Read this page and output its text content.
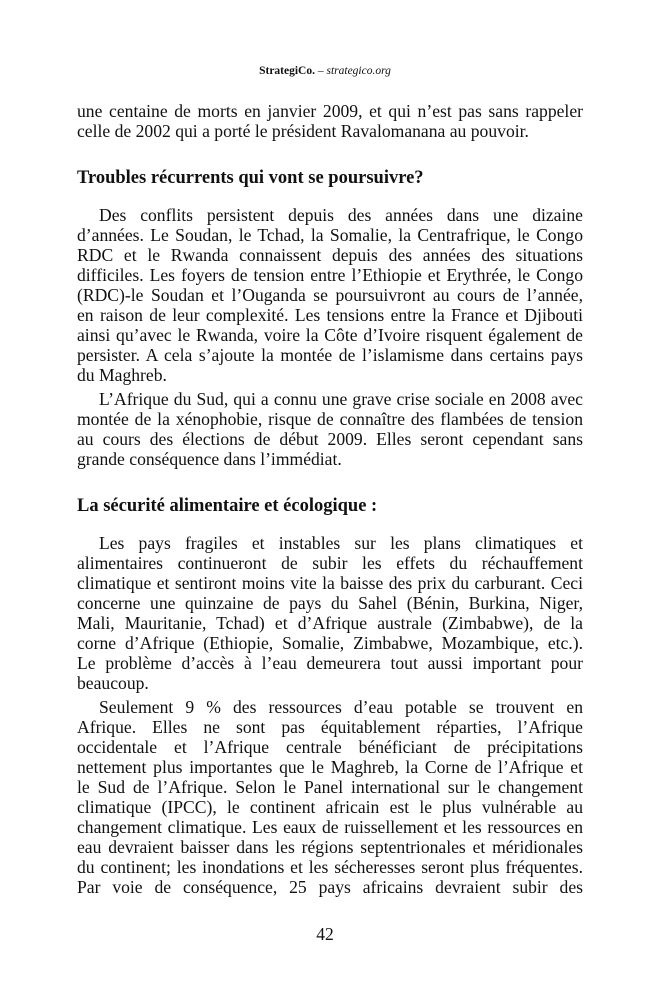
StrategiCo. – strategico.org
une centaine de morts en janvier 2009, et qui n’est pas sans rappeler
celle de 2002 qui a porté le président Ravalomanana au pouvoir.
Troubles récurrents qui vont se poursuivre?
Des conflits persistent depuis des années dans une dizaine
d’années. Le Soudan, le Tchad, la Somalie, la Centrafrique, le Congo
RDC et le Rwanda connaissent depuis des années des situations
difficiles. Les foyers de tension entre l’Ethiopie et Erythrée, le Congo
(RDC)-le Soudan et l’Ouganda se poursuivront au cours de l’année,
en raison de leur complexité. Les tensions entre la France et Djibouti
ainsi qu’avec le Rwanda, voire la Côte d’Ivoire risquent également de
persister. A cela s’ajoute la montée de l’islamisme dans certains pays
du Maghreb.
L’Afrique du Sud, qui a connu une grave crise sociale en 2008 avec
montée de la xénophobie, risque de connaître des flambées de tension
au cours des élections de début 2009. Elles seront cependant sans
grande conséquence dans l’immédiat.
La sécurité alimentaire et écologique :
Les pays fragiles et instables sur les plans climatiques et
alimentaires continueront de subir les effets du réchauffement
climatique et sentiront moins vite la baisse des prix du carburant. Ceci
concerne une quinzaine de pays du Sahel (Bénin, Burkina, Niger,
Mali, Mauritanie, Tchad) et d’Afrique australe (Zimbabwe), de la
corne d’Afrique (Ethiopie, Somalie, Zimbabwe, Mozambique, etc.).
Le problème d’accès à l’eau demeurera tout aussi important pour
beaucoup.
Seulement 9 % des ressources d’eau potable se trouvent en
Afrique. Elles ne sont pas équitablement réparties, l’Afrique
occidentale et l’Afrique centrale bénéficiant de précipitations
nettement plus importantes que le Maghreb, la Corne de l’Afrique et
le Sud de l’Afrique. Selon le Panel international sur le changement
climatique (IPCC), le continent africain est le plus vulnérable au
changement climatique. Les eaux de ruissellement et les ressources en
eau devraient baisser dans les régions septentrionales et méridionales
du continent; les inondations et les sécheresses seront plus fréquentes.
Par voie de conséquence, 25 pays africains devraient subir des
42
